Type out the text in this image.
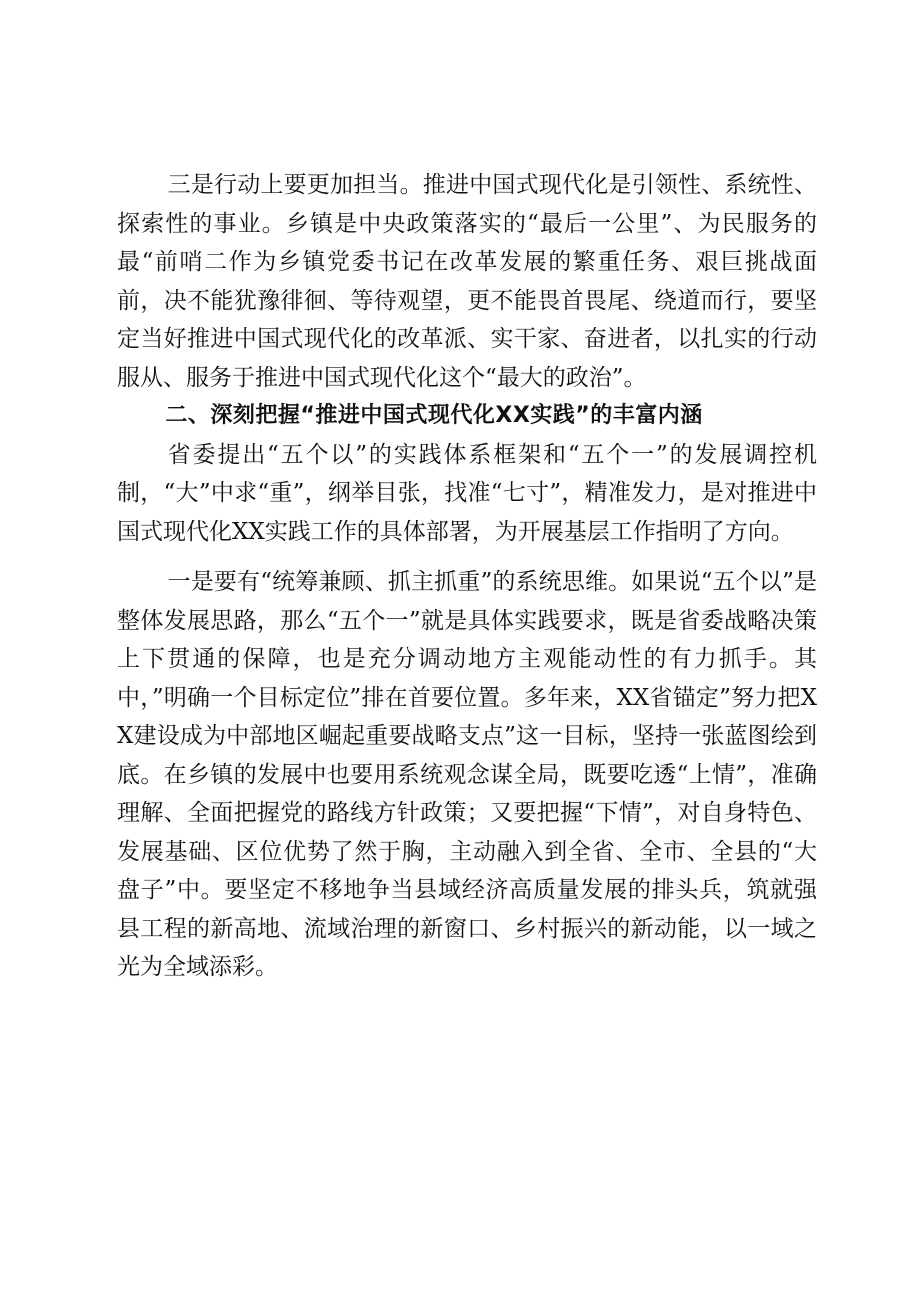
三是行动上要更加担当。推进中国式现代化是引领性、系统性、探索性的事业。乡镇是中央政策落实的“最后一公里”、为民服务的最“前哨二作为乡镇党委书记在改革发展的繁重任务、艰巨挑战面前，决不能犹豫徘徊、等待观望，更不能畏首畏尾、绕道而行，要坚定当好推进中国式现代化的改革派、实干家、奋进者，以扎实的行动服从、服务于推进中国式现代化这个“最大的政治”。

二、深刻把握“推进中国式现代化XX实践”的丰富内涵

省委提出“五个以”的实践体系框架和“五个一”的发展调控机制，“大”中求“重”，纲举目张，找准“七寸”，精准发力，是对推进中国式现代化XX实践工作的具体部署，为开展基层工作指明了方向。

一是要有“统筹兼顾、抓主抓重”的系统思维。如果说“五个以”是整体发展思路，那么“五个一”就是具体实践要求，既是省委战略决策上下贯通的保障，也是充分调动地方主观能动性的有力抓手。其中，”明确一个目标定位”排在首要位置。多年来，XX省锚定”努力把XX建设成为中部地区崛起重要战略支点”这一目标，坚持一张蓝图绘到底。在乡镇的发展中也要用系统观念谋全局，既要吃透“上情”，准确理解、全面把握党的路线方针政策；又要把握“下情”，对自身特色、发展基础、区位优势了然于胸，主动融入到全省、全市、全县的“大盘子”中。要坚定不移地争当县域经济高质量发展的排头兵，筑就强县工程的新高地、流域治理的新窗口、乡村振兴的新动能，以一域之光为全域添彩。
